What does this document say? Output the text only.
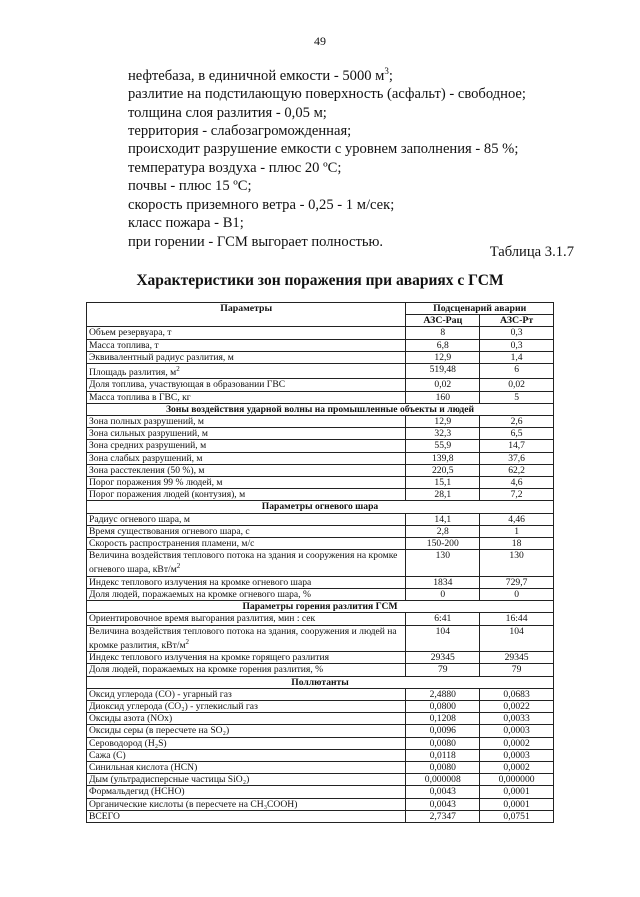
49
нефтебаза, в единичной емкости - 5000 $м^3$;
разлитие на подстилающую поверхность (асфальт) - свободное;
толщина слоя разлития - 0,05 м;
территория - слабозагроможденная;
происходит разрушение емкости с уровнем заполнения - 85 %;
температура воздуха - плюс 20 ºС;
почвы - плюс 15 ºС;
скорость приземного ветра - 0,25 - 1 м/сек;
класс пожара - В1;
при горении - ГСМ выгорает полностью.
Таблица 3.1.7
Характеристики зон поражения при авариях с ГСМ
Параметры	Подсценарий аварии	
	АЗС-Рац	АЗС-Рт
Объем резервуара, т	8	0,3
Масса топлива, т	6,8	0,3
Эквивалентный радиус разлития, м	12,9	1,4
Площадь разлития, $м^2$	519,48	6
Доля топлива, участвующая в образовании ГВС	0,02	0,02
Масса топлива в ГВС, кг	160	5
Зоны воздействия ударной волны на промышленные объекты и людей		
Зона полных разрушений, м	12,9	2,6
Зона сильных разрушений, м	32,3	6,5
Зона средних разрушений, м	55,9	14,7
Зона слабых разрушений, м	139,8	37,6
Зона расстекления (50 %), м	220,5	62,2
Порог поражения 99 % людей, м	15,1	4,6
Порог поражения людей (контузия), м	28,1	7,2
Параметры огневого шара		
Радиус огневого шара, м	14,1	4,46
Время существования огневого шара, с	2,8	1
Скорость распространения пламени, м/с	150-200	18
Величина воздействия теплового потока на здания и сооружения на кромке огневого шара, кВт/$м^2$	130	130
Индекс теплового излучения на кромке огневого шара	1834	729,7
Доля людей, поражаемых на кромке огневого шара, %	0	0
Параметры горения разлития ГСМ		
Ориентировочное время выгорания разлития, мин : сек	6:41	16:44
Величина воздействия теплового потока на здания, сооружения и людей на кромке разлития, кВт/$м^2$	104	104
Индекс теплового излучения на кромке горящего разлития	29345	29345
Доля людей, поражаемых на кромке горения разлития, %	79	79
Поллютанты		
Оксид углерода (СО) - угарный газ	2,4880	0,0683
Диоксид углерода (СО₂) - углекислый газ	0,0800	0,0022
Оксиды азота (NOx)	0,1208	0,0033
Оксиды серы (в пересчете на SO₂)	0,0096	0,0003
Сероводород (H₂S)	0,0080	0,0002
Сажа (С)	0,0118	0,0003
Синильная кислота (HCN)	0,0080	0,0002
Дым (ультрадисперсные частицы SiO₂)	0,000008	0,000000
Формальдегид (HCHO)	0,0043	0,0001
Органические кислоты (в пересчете на CH₃COOH)	0,0043	0,0001
ВСЕГО	2,7347	0,0751
